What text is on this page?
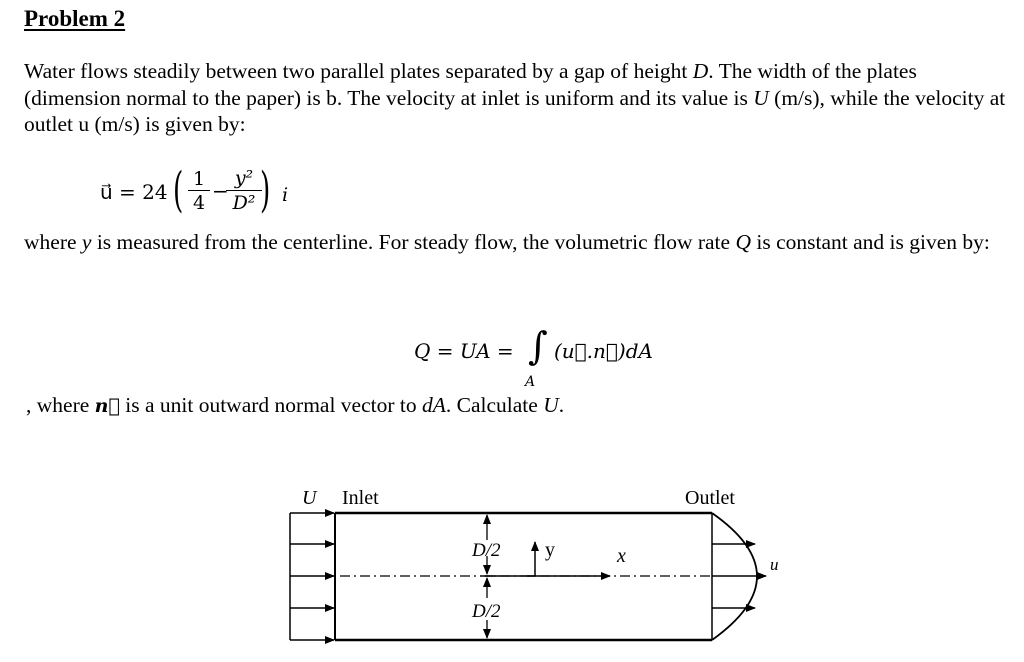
Problem 2

Water flows steadily between two parallel plates separated by a gap of height D. The width of the plates (dimension normal to the paper) is b. The velocity at inlet is uniform and its value is U (m/s), while the velocity at outlet u (m/s) is given by:

u⃗ = 24 ( $\frac{1}{4}$ −
$\frac{\text{y²}}{\text{D²}}$
) i

where y is measured from the centerline. For steady flow, the volumetric flow rate Q is constant and is given by:

Q = UA = ∫ (u⃗.n⃗)dA
A

, where n⃗ is a unit outward normal vector to dA. Calculate U.

U Inlet	Outlet
D/2
D/2
y	x	u
